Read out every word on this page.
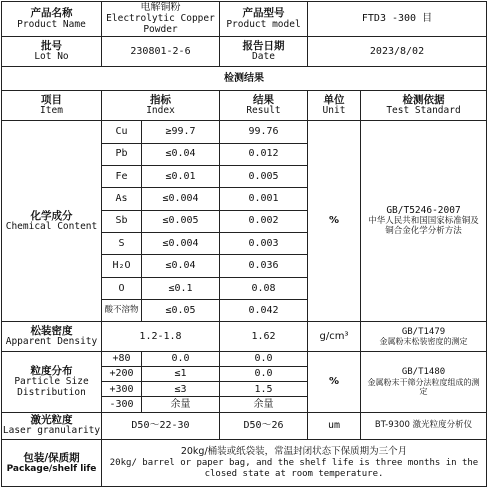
产品名称
Product Name	电解铜粉
Electrolytic Copper Powder		产品型号
Product model	FTD3 -300 目	

批号
Lot No	230801-2-6		报告日期
Date	2023/8/02	
检测结果					

项目
Item	指标
Index		结果
Result	单位
Unit	检测依据
Test Standard

化学成分
Chemical Content	Cu	≥99.7	99.76	%	GB/T5246-2007
中华人民共和国国家标准铜及铜合金化学分析方法

	Pb	≤0.04	0.012		
	Fe	≤0.01	0.005		
	As	≤0.004	0.001		
	Sb	≤0.005	0.002		
	S	≤0.004	0.003		
	H₂O	≤0.04	0.036		
	O	≤0.1	0.08		
	酸不溶物	≤0.05	0.042		

松装密度
Apparent Density	1.2-1.8		1.62	g/cm³	GB/T1479
金属粉末松装密度的测定

粒度分布
Particle Size
Distribution	+80	0.0	0.0	%	GB/T1480
金属粉末干筛分法粒度组成的测定

	+200	≤1	0.0		
	+300	≤3	1.5		
	-300	余量	余量		

激光粒度
Laser granularity	D50～22-30		D50～26	um	BT-9300 激光粒度分析仪

包装/保质期
Package/shelf life	20kg/桶装或纸袋装，常温封闭状态下保质期为三个月
20kg/ barrel or paper bag, and the shelf life is three months in the
closed state at room temperature.				
